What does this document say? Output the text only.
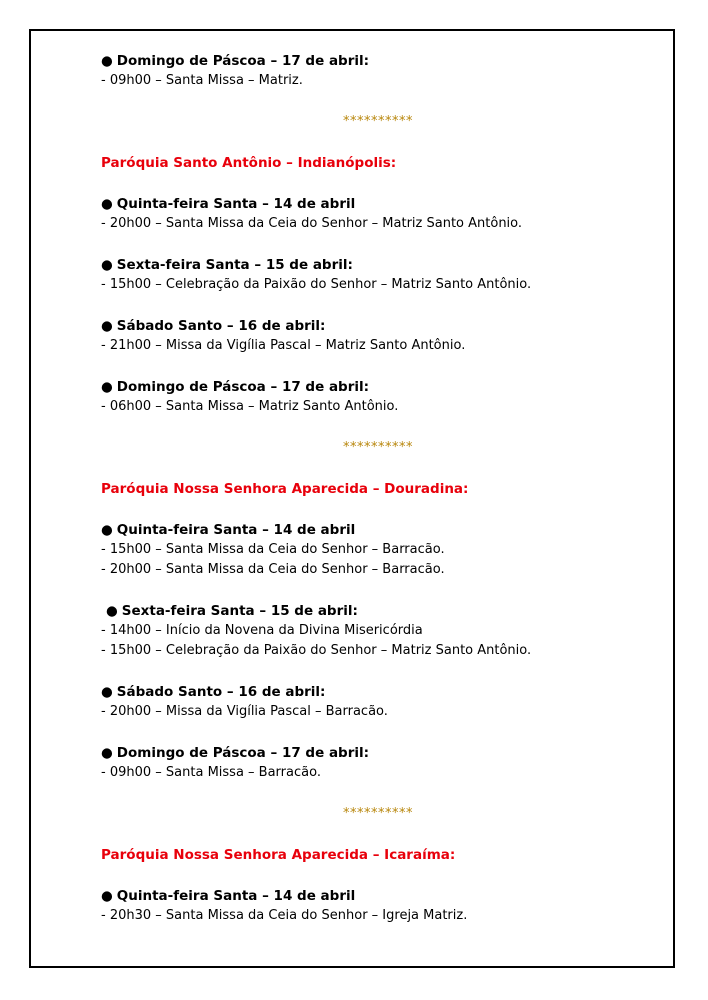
● Domingo de Páscoa – 17 de abril:
- 09h00 – Santa Missa – Matriz.
**********
Paróquia Santo Antônio – Indianópolis:
● Quinta-feira Santa – 14 de abril
- 20h00 – Santa Missa da Ceia do Senhor – Matriz Santo Antônio.
● Sexta-feira Santa – 15 de abril:
- 15h00 – Celebração da Paixão do Senhor – Matriz Santo Antônio.
● Sábado Santo – 16 de abril:
- 21h00 – Missa da Vigília Pascal – Matriz Santo Antônio.
● Domingo de Páscoa – 17 de abril:
- 06h00 – Santa Missa – Matriz Santo Antônio.
**********
Paróquia Nossa Senhora Aparecida – Douradina:
● Quinta-feira Santa – 14 de abril
- 15h00 – Santa Missa da Ceia do Senhor – Barracão.
- 20h00 – Santa Missa da Ceia do Senhor – Barracão.
● Sexta-feira Santa – 15 de abril:
- 14h00 – Início da Novena da Divina Misericórdia
- 15h00 – Celebração da Paixão do Senhor – Matriz Santo Antônio.
● Sábado Santo – 16 de abril:
- 20h00 – Missa da Vigília Pascal – Barracão.
● Domingo de Páscoa – 17 de abril:
- 09h00 – Santa Missa – Barracão.
**********
Paróquia Nossa Senhora Aparecida – Icaraíma:
● Quinta-feira Santa – 14 de abril
- 20h30 – Santa Missa da Ceia do Senhor – Igreja Matriz.
